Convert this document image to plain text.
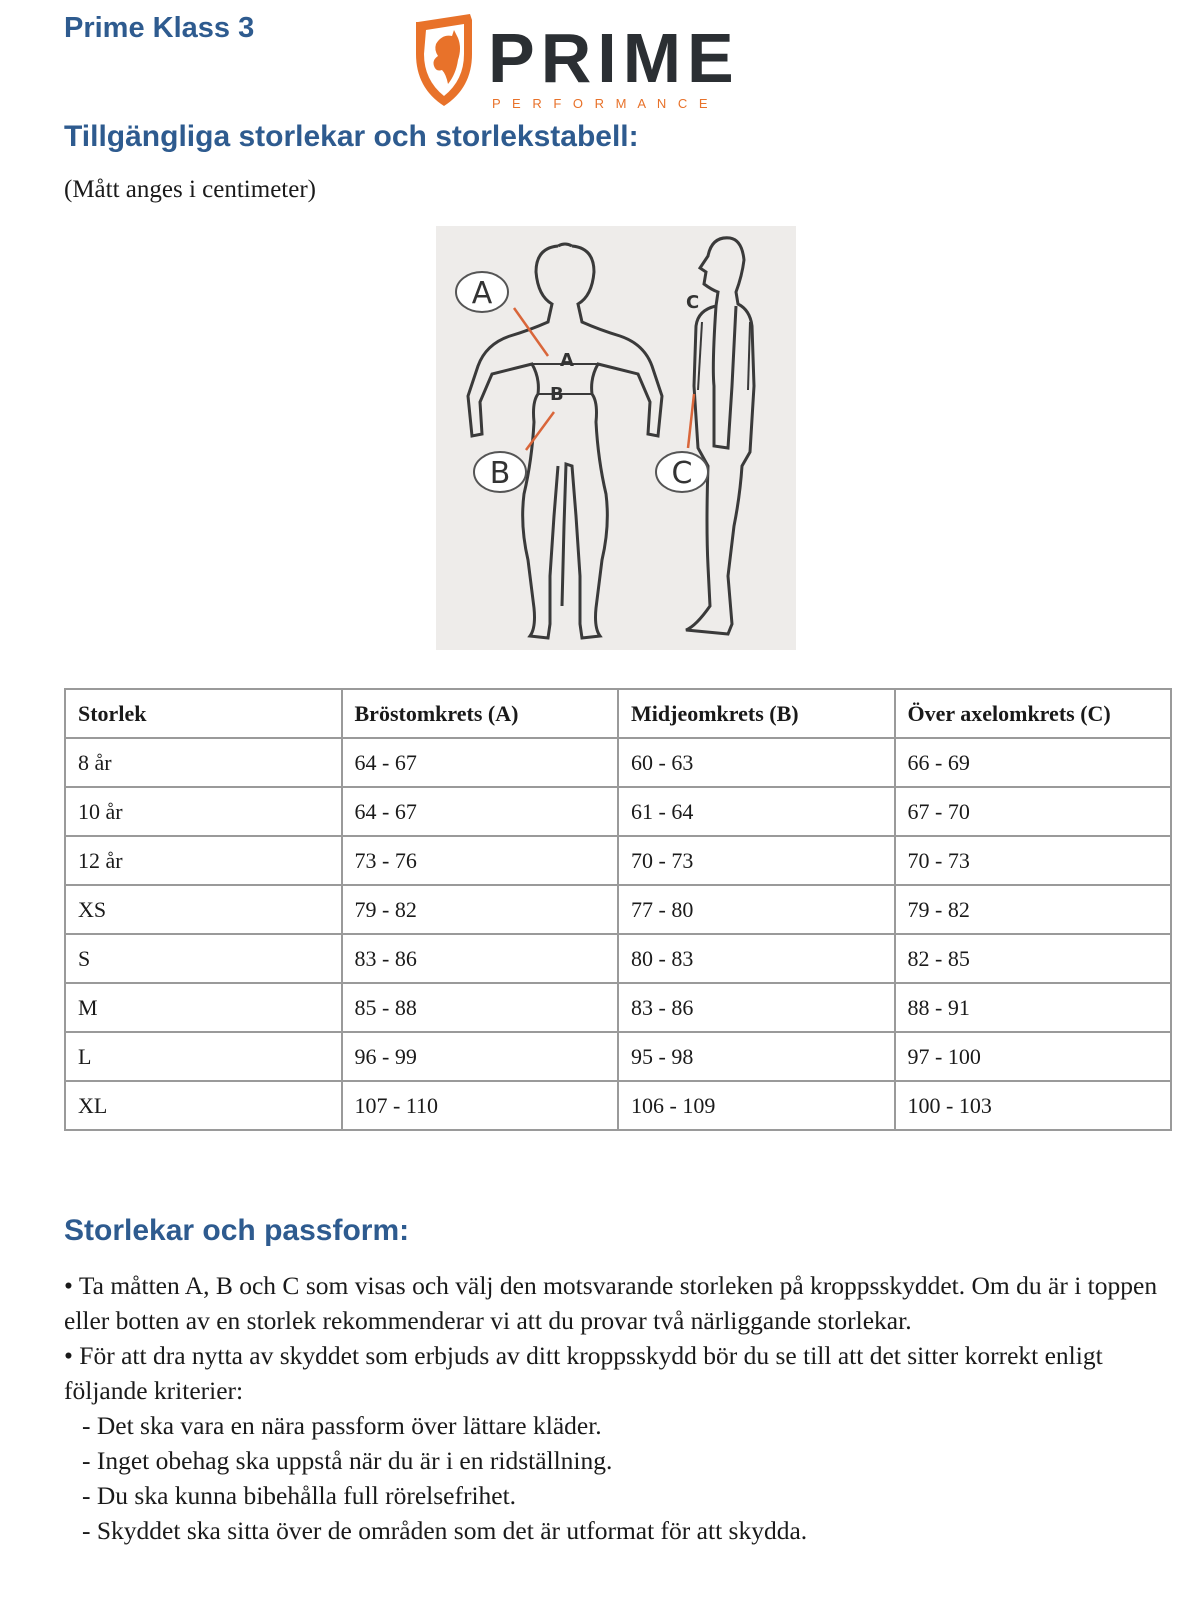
Prime Klass 3	PRIME
P E R F O R M A N C E
Tillgängliga storlekar och storlekstabell:
(Mått anges i centimeter)
A
B	C
A
B
C
Storlek	Bröstomkrets (A)	Midjeomkrets (B)	Över axelomkrets (C)
8 år	64 - 67	60 - 63	66 - 69
10 år	64 - 67	61 - 64	67 - 70
12 år	73 - 76	70 - 73	70 - 73
XS	79 - 82	77 - 80	79 - 82
S	83 - 86	80 - 83	82 - 85
M	85 - 88	83 - 86	88 - 91
L	96 - 99	95 - 98	97 - 100
XL	107 - 110	106 - 109	100 - 103
Storlekar och passform:

• Ta måtten A, B och C som visas och välj den motsvarande storleken på kroppsskyddet. Om du är i toppen eller botten av en storlek rekommenderar vi att du provar två närliggande storlekar.

• För att dra nytta av skyddet som erbjuds av ditt kroppsskydd bör du se till att det sitter korrekt enligt följande kriterier:

- Det ska vara en nära passform över lättare kläder.

- Inget obehag ska uppstå när du är i en ridställning.

- Du ska kunna bibehålla full rörelsefrihet.

- Skyddet ska sitta över de områden som det är utformat för att skydda.
